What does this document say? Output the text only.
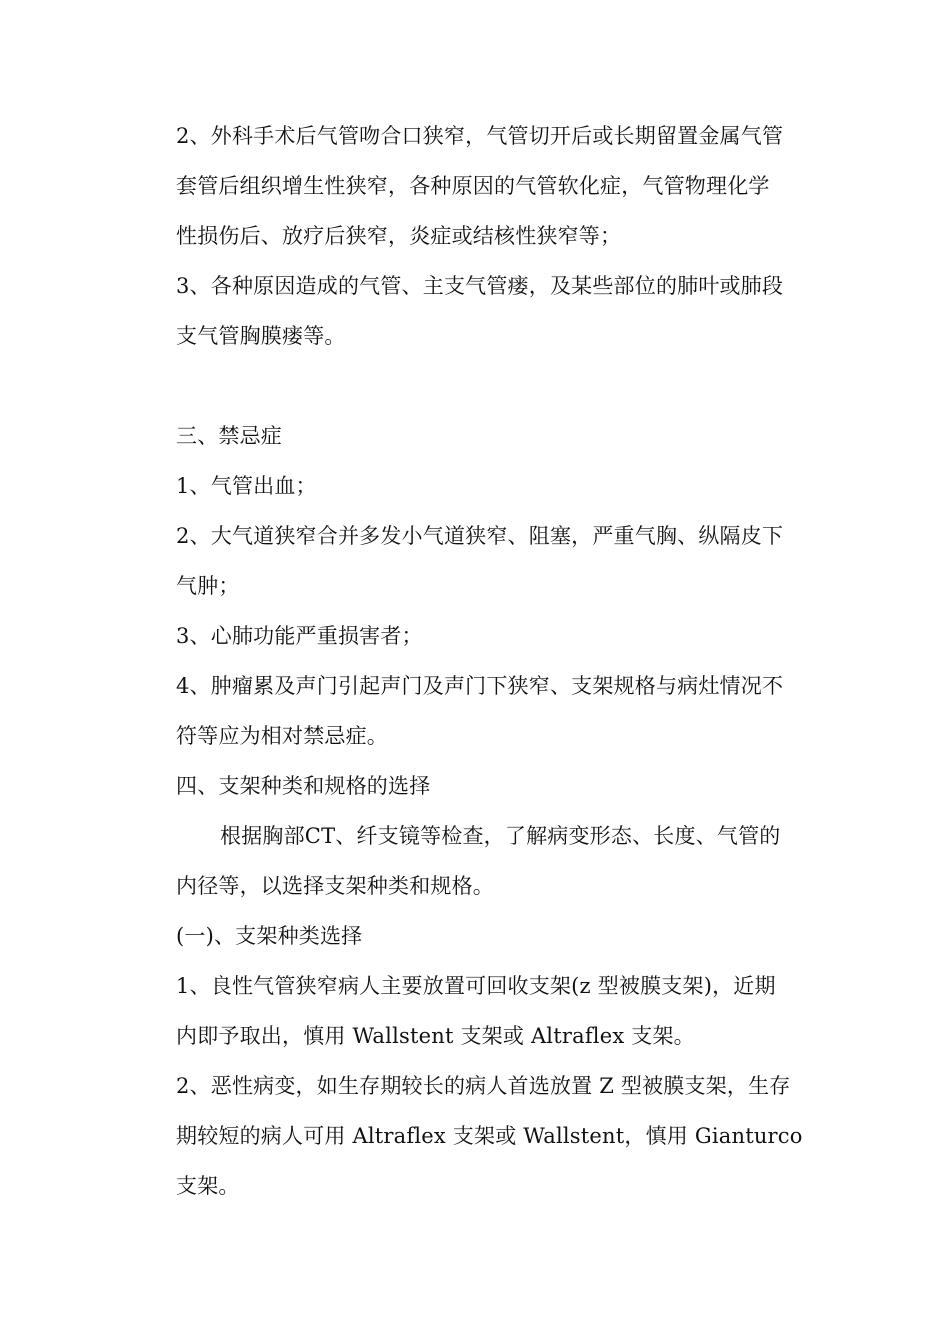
2、外科手术后气管吻合口狭窄，气管切开后或长期留置金属气管
套管后组织增生性狭窄，各种原因的气管软化症，气管物理化学
性损伤后、放疗后狭窄，炎症或结核性狭窄等；
3、各种原因造成的气管、主支气管瘘，及某些部位的肺叶或肺段
支气管胸膜瘘等。
三、禁忌症
1、气管出血；
2、大气道狭窄合并多发小气道狭窄、阻塞，严重气胸、纵隔皮下
气肿；
3、心肺功能严重损害者；
4、肿瘤累及声门引起声门及声门下狭窄、支架规格与病灶情况不
符等应为相对禁忌症。
四、支架种类和规格的选择
根据胸部CT、纤支镜等检查，了解病变形态、长度、气管的
内径等，以选择支架种类和规格。
(一)、支架种类选择
1、良性气管狭窄病人主要放置可回收支架(z 型被膜支架)，近期
内即予取出，慎用 Wallstent 支架或 Altraflex 支架。
2、恶性病变，如生存期较长的病人首选放置 Z 型被膜支架，生存
期较短的病人可用 Altraflex 支架或 Wallstent，慎用 Gianturco
支架。
